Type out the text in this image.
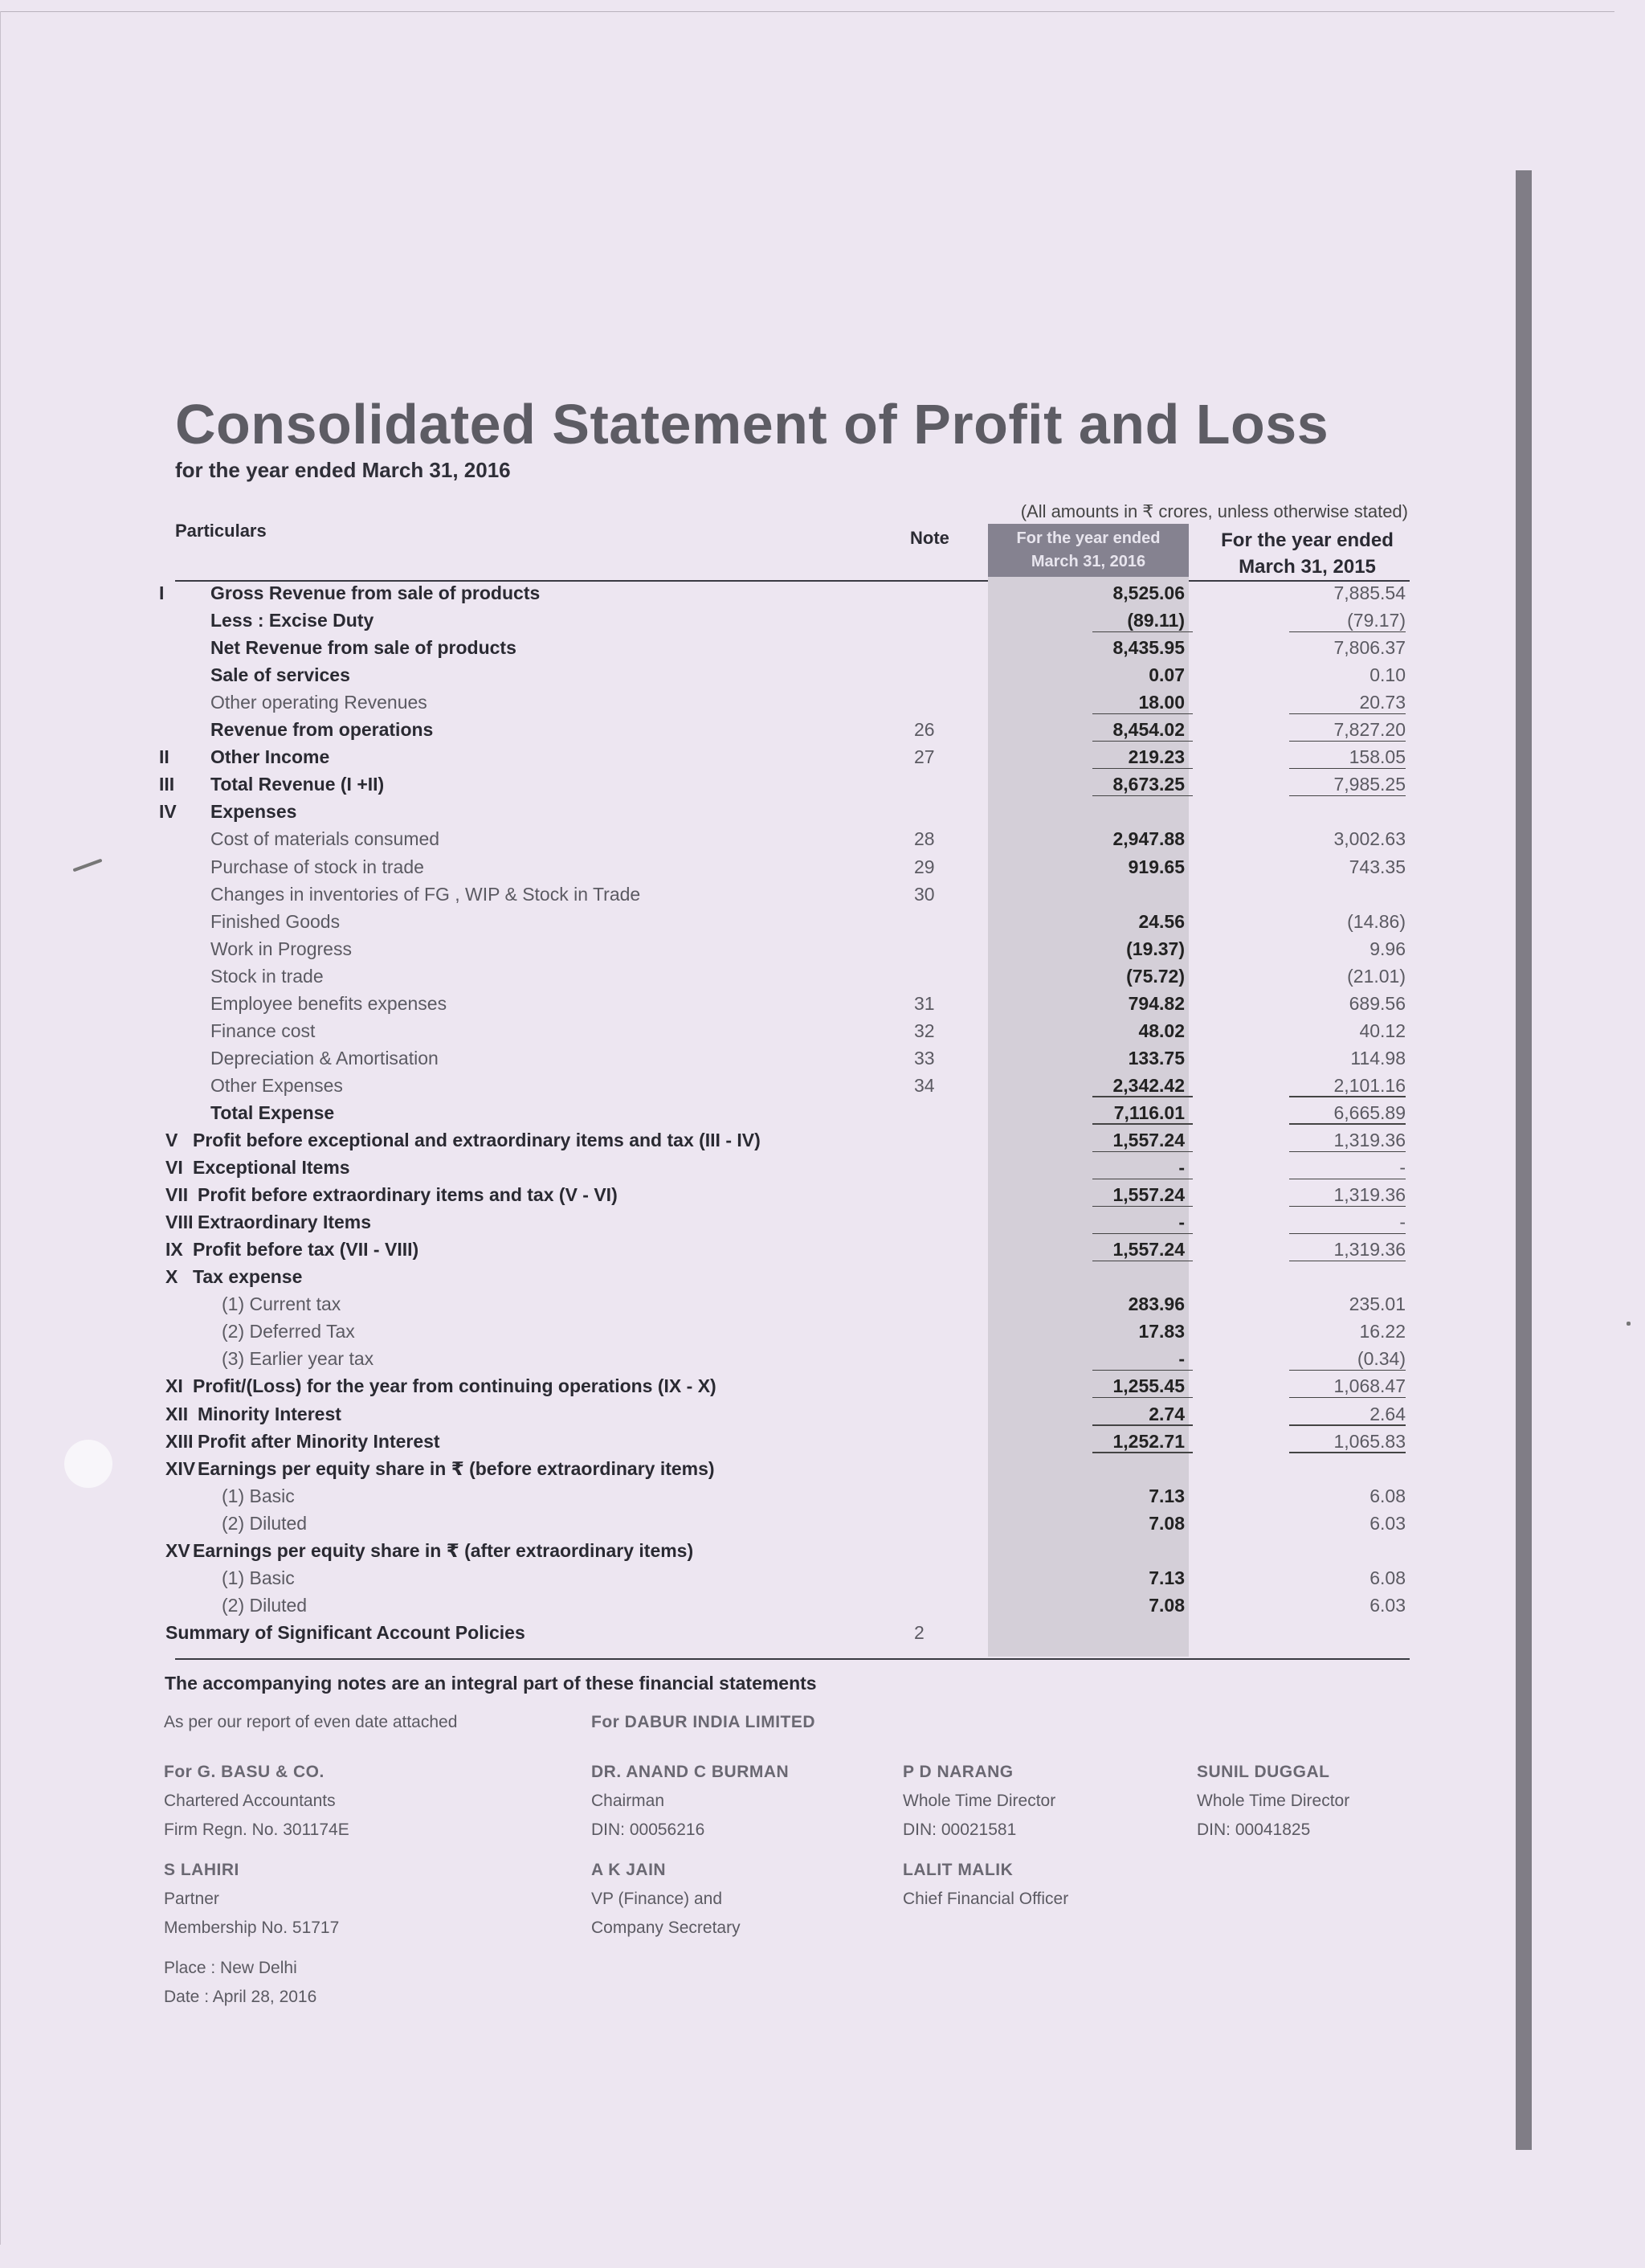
Consolidated Statement of Profit and Loss
for the year ended March 31, 2016
(All amounts in ₹ crores, unless otherwise stated)
Particulars	Note	For the year ended
March 31, 2016
For the year ended
March 31, 2015
I	Gross Revenue from sale of products	8,525.06	7,885.54
Less : Excise Duty	(89.11)	(79.17)
Net Revenue from sale of products	8,435.95	7,806.37
Sale of services	0.07	0.10
Other operating Revenues	18.00	20.73
Revenue from operations	26	8,454.02	7,827.20
II	Other Income	27	219.23	158.05
III	Total Revenue (I +II)	8,673.25	7,985.25
IV	Expenses
Cost of materials consumed	28	2,947.88	3,002.63
Purchase of stock in trade	29	919.65	743.35
Changes in inventories of FG , WIP & Stock in Trade	30
Finished Goods	24.56	(14.86)
Work in Progress	(19.37)	9.96
Stock in trade	(75.72)	(21.01)
Employee benefits expenses	31	794.82	689.56
Finance cost	32	48.02	40.12
Depreciation & Amortisation	33	133.75	114.98
Other Expenses	34	2,342.42	2,101.16
Total Expense	7,116.01	6,665.89
V Profit before exceptional and extraordinary items and tax (III - IV)	1,557.24	1,319.36
VI Exceptional Items	-	-
VII Profit before extraordinary items and tax (V - VI)	1,557.24	1,319.36
VIII Extraordinary Items	-	-
IX Profit before tax (VII - VIII)	1,557.24	1,319.36
X Tax expense
(1) Current tax	283.96	235.01
(2) Deferred Tax	17.83	16.22
(3) Earlier year tax	-	(0.34)
XI Profit/(Loss) for the year from continuing operations (IX - X)	1,255.45	1,068.47
XII Minority Interest	2.74	2.64
XIII Profit after Minority Interest	1,252.71	1,065.83
XIV Earnings per equity share in ₹ (before extraordinary items)
(1) Basic	7.13	6.08
(2) Diluted	7.08	6.03
XV Earnings per equity share in ₹ (after extraordinary items)
(1) Basic	7.13	6.08
(2) Diluted	7.08	6.03
Summary of Significant Account Policies	2
The accompanying notes are an integral part of these financial statements
As per our report of even date attached	For DABUR INDIA LIMITED
For G. BASU & CO.
Chartered Accountants
Firm Regn. No. 301174E
S LAHIRI
Partner
Membership No. 51717
Place : New Delhi
Date : April 28, 2016
DR. ANAND C BURMAN
Chairman
DIN: 00056216
A K JAIN
VP (Finance) and
Company Secretary
P D NARANG
Whole Time Director
DIN: 00021581
LALIT MALIK
Chief Financial Officer
SUNIL DUGGAL
Whole Time Director
DIN: 00041825
